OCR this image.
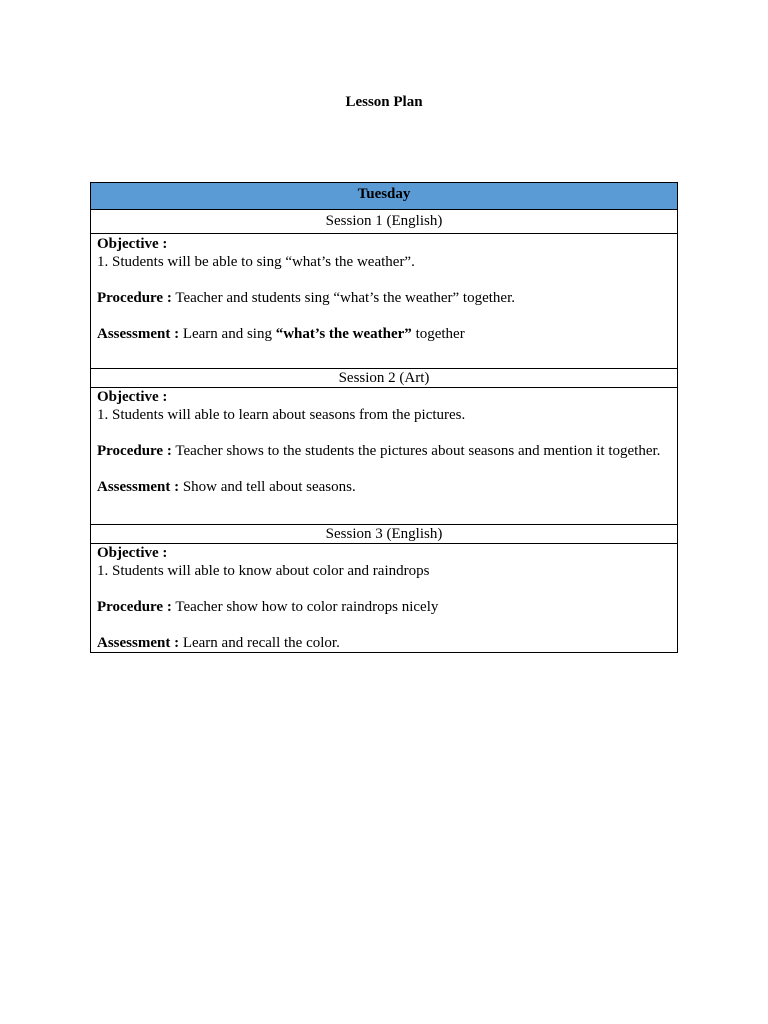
Lesson Plan
Tuesday
Session 1 (English)

Objective :
1. Students will be able to sing “what’s the weather”.
Procedure : Teacher and students sing “what’s the weather” together.
Assessment : Learn and sing “what’s the weather” together

Session 2 (Art)

Objective :
1. Students will able to learn about seasons from the pictures.
Procedure : Teacher shows to the students the pictures about seasons and mention it together.
Assessment : Show and tell about seasons.

Session 3 (English)

Objective :
1. Students will able to know about color and raindrops
Procedure : Teacher show how to color raindrops nicely
Assessment : Learn and recall the color.
